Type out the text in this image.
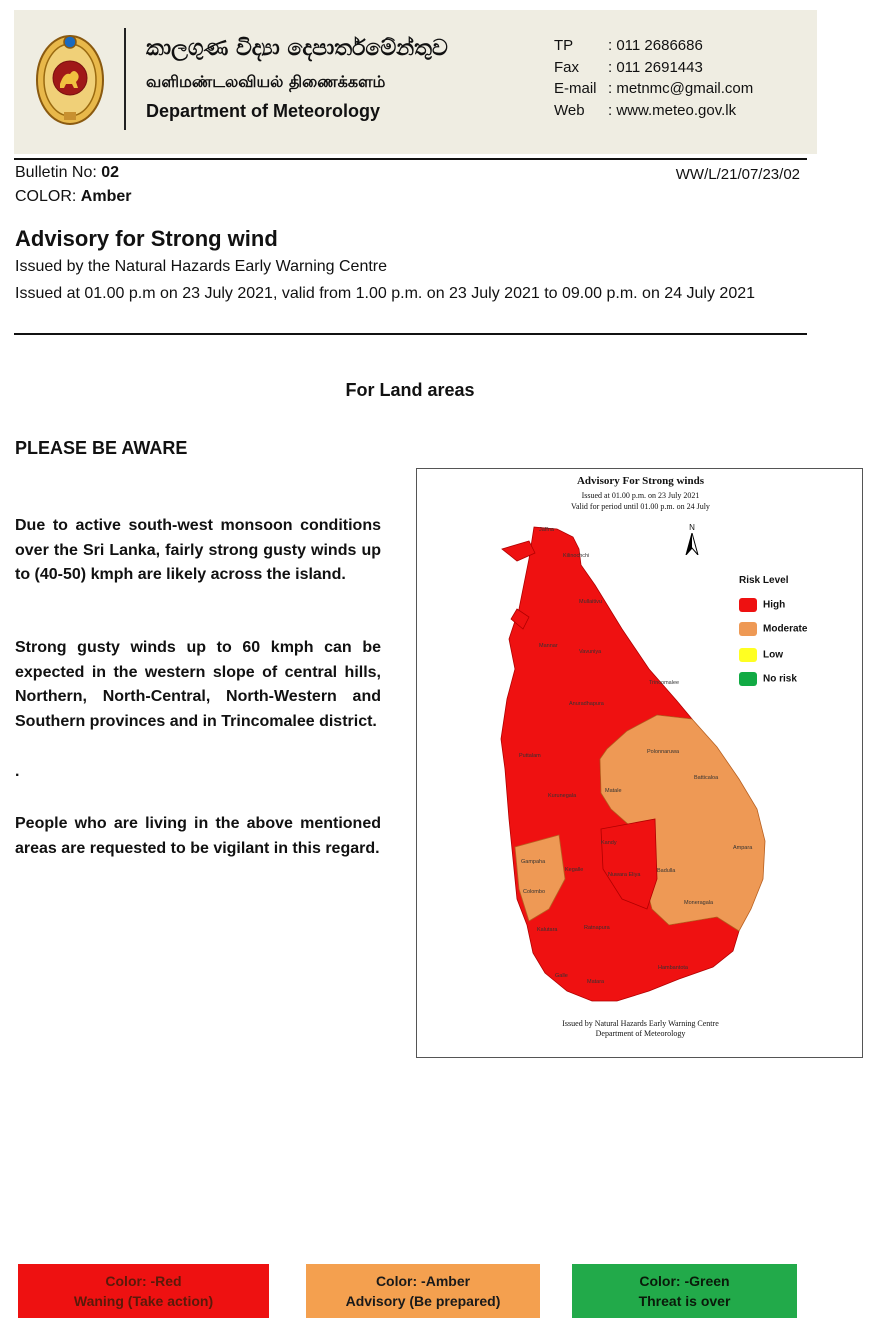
කාලගුණ විද්‍යා දෙපාර්තමේන්තුව
வளிமண்டலவியல் திணைக்களம்
Department of Meteorology
TP : 011 2686686
Fax : 011 2691443
E-mail : metnmc@gmail.com
Web : www.meteo.gov.lk
Bulletin No: 02
COLOR: Amber
WW/L/21/07/23/02
Advisory for Strong wind
Issued by the Natural Hazards Early Warning Centre
Issued at 01.00 p.m on 23 July 2021, valid from 1.00 p.m. on 23 July 2021 to 09.00 p.m. on 24 July 2021
For Land areas
PLEASE BE AWARE
Due to active south-west monsoon conditions over the Sri Lanka, fairly strong gusty winds up to (40-50) kmph are likely across the island.
Strong gusty winds up to 60 kmph can be expected in the western slope of central hills, Northern, North-Central, North-Western and Southern provinces and in Trincomalee district.
.
People who are living in the above mentioned areas are requested to be vigilant in this regard.
Advisory For Strong winds
Issued at 01.00 p.m. on 23 July 2021
Valid for period until 01.00 p.m. on 24 July
N
Jaffna
Kilinochchi
Mannar
Mullaitivu
Vavuniya
Trincomalee
Anuradhapura
Puttalam
Polonnaruwa
Batticaloa
Kurunegala
Matale
Ampara
Gampaha
Kandy
Kegalle	Badulla
Nuwara Eliya
Colombo
Moneragala
Kalutara	Ratnapura
Hambantota
Galle
Matara
Risk Level
High
Moderate
Low
No risk
Issued by Natural Hazards Early Warning Centre
Department of Meteorology
Color: -Red
Waning (Take action)
Color: -Amber
Advisory (Be prepared)
Color: -Green
Threat is over
